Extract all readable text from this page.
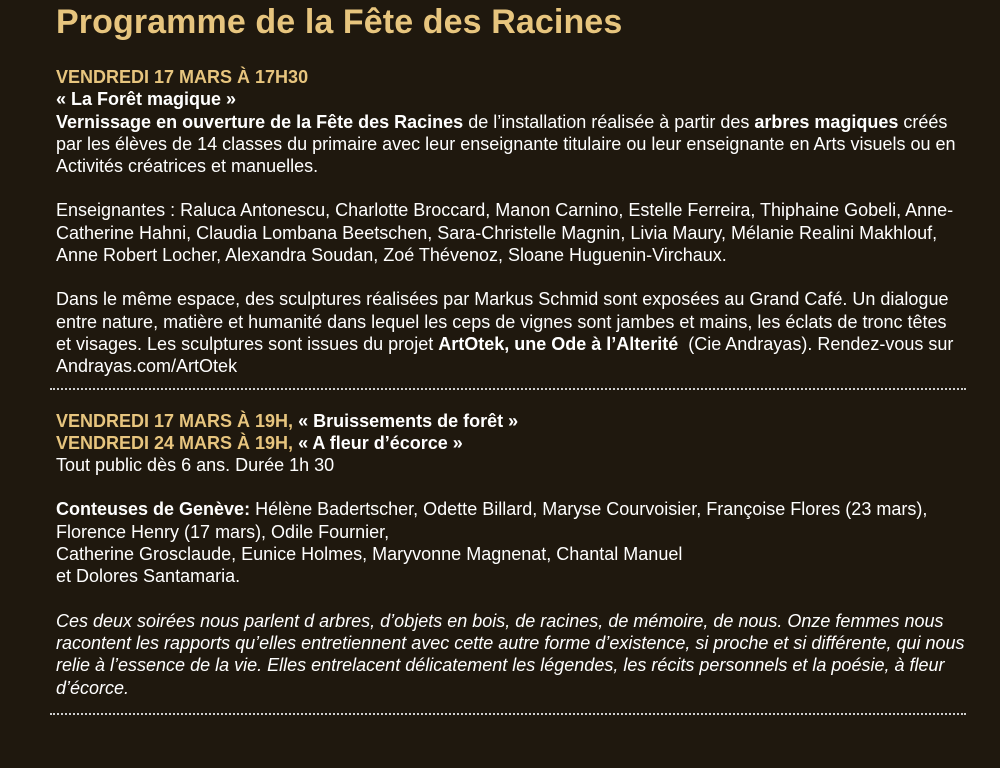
Programme de la Fête des Racines

VENDREDI 17 MARS À 17H30

« La Forêt magique »

Vernissage en ouverture de la Fête des Racines de l’installation réalisée à partir des arbres magiques créés par les élèves de 14 classes du primaire avec leur enseignante titulaire ou leur enseignante en Arts visuels ou en Activités créatrices et manuelles.

Enseignantes : Raluca Antonescu, Charlotte Broccard, Manon Carnino, Estelle Ferreira, Thiphaine Gobeli, Anne-Catherine Hahni, Claudia Lombana Beetschen, Sara-Christelle Magnin, Livia Maury, Mélanie Realini Makhlouf, Anne Robert Locher, Alexandra Soudan, Zoé Thévenoz, Sloane Huguenin-Virchaux.

Dans le même espace, des sculptures réalisées par Markus Schmid sont exposées au Grand Café. Un dialogue entre nature, matière et humanité dans lequel les ceps de vignes sont jambes et mains, les éclats de tronc têtes et visages. Les sculptures sont issues du projet ArtOtek, une Ode à l’Alterité  (Cie Andrayas). Rendez-vous sur Andrayas.com/ArtOtek

VENDREDI 17 MARS À 19H, « Bruissements de forêt »

VENDREDI 24 MARS À 19H, « A fleur d’écorce »

Tout public dès 6 ans. Durée 1h 30

Conteuses de Genève: Hélène Badertscher, Odette Billard, Maryse Courvoisier, Françoise Flores (23 mars), Florence Henry (17 mars), Odile Fournier,
Catherine Grosclaude, Eunice Holmes, Maryvonne Magnenat, Chantal Manuel
et Dolores Santamaria.

Ces deux soirées nous parlent d arbres, d’objets en bois, de racines, de mémoire, de nous. Onze femmes nous racontent les rapports qu’elles entretiennent avec cette autre forme d’existence, si proche et si différente, qui nous relie à l’essence de la vie. Elles entrelacent délicatement les légendes, les récits personnels et la poésie, à fleur d’écorce.
